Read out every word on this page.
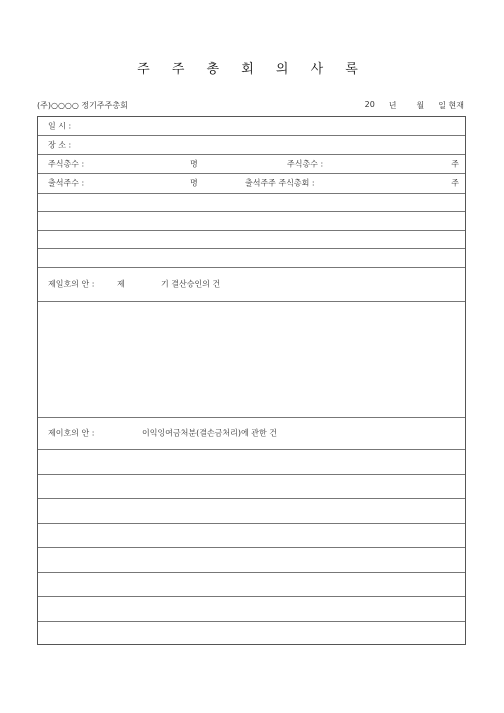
주 주 총 회 의 사 록
(주)○○○○ 정기주주총회	20 년	월 일 현재
일 시 :
장 소 :
주식총수 :	명	주식총수 :	주
출석주수 :	명	출석주주 주식총회 :	주
제일호의 안 :	제	기 결산승인의 건
제이호의 안 :	이익잉여금처분(결손금처리)에 관한 건
